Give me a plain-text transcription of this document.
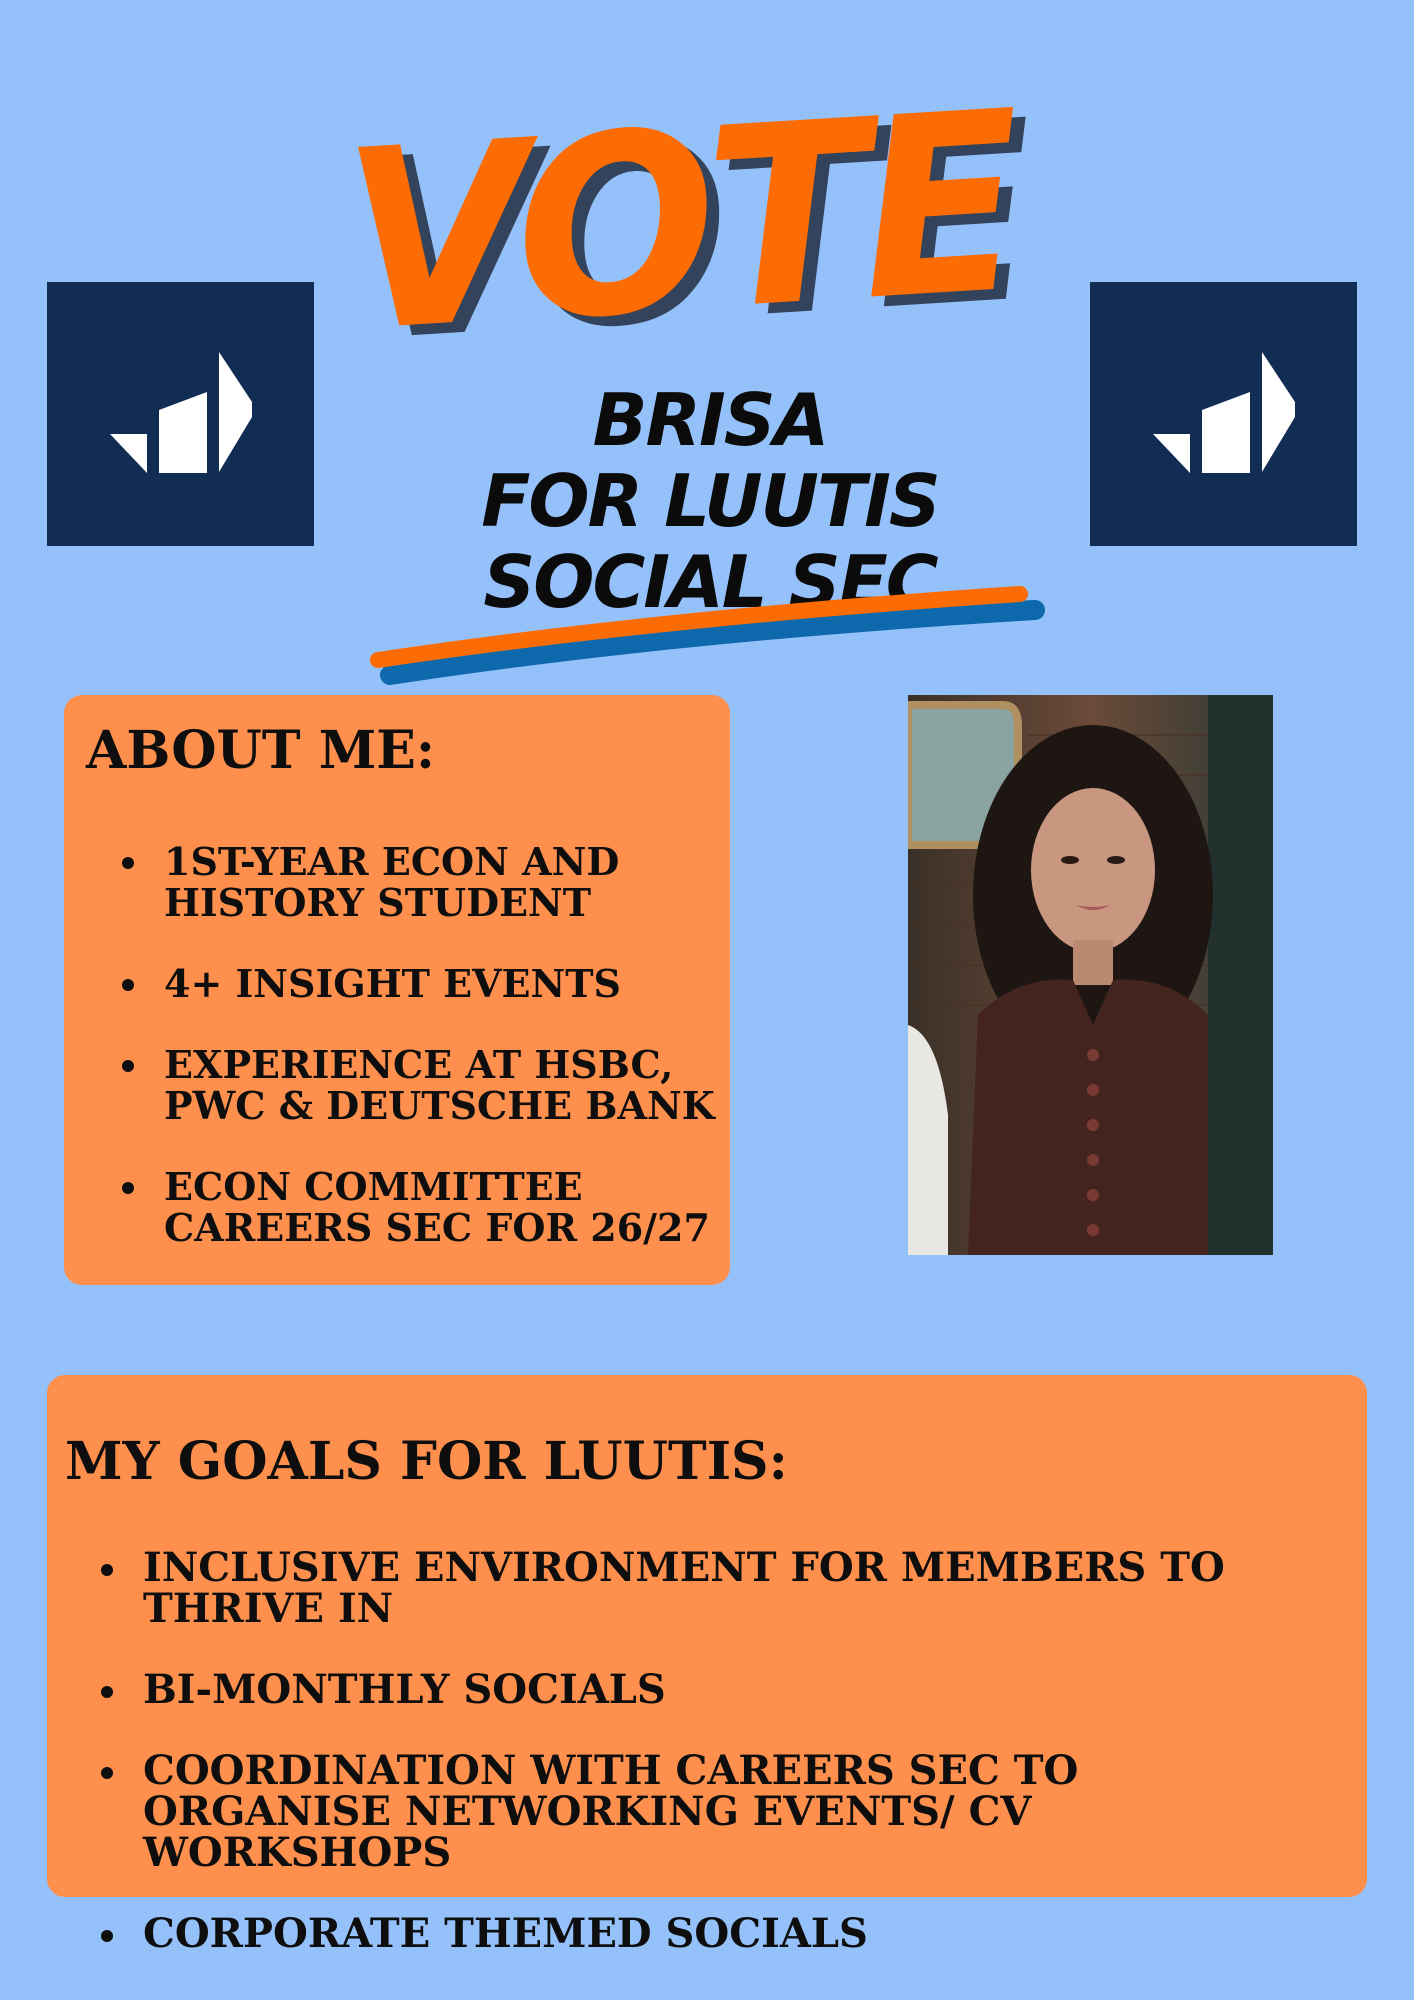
VOTE
BRISA
FOR LUUTIS
SOCIAL SEC
ABOUT ME:
1ST-YEAR ECON AND HISTORY STUDENT
4+ INSIGHT EVENTS
EXPERIENCE AT HSBC, PWC & DEUTSCHE BANK
ECON COMMITTEE CAREERS SEC FOR 26/27
MY GOALS FOR LUUTIS:
INCLUSIVE ENVIRONMENT FOR MEMBERS TO THRIVE IN
BI-MONTHLY SOCIALS
COORDINATION WITH CAREERS SEC TO ORGANISE NETWORKING EVENTS/ CV WORKSHOPS
CORPORATE THEMED SOCIALS
